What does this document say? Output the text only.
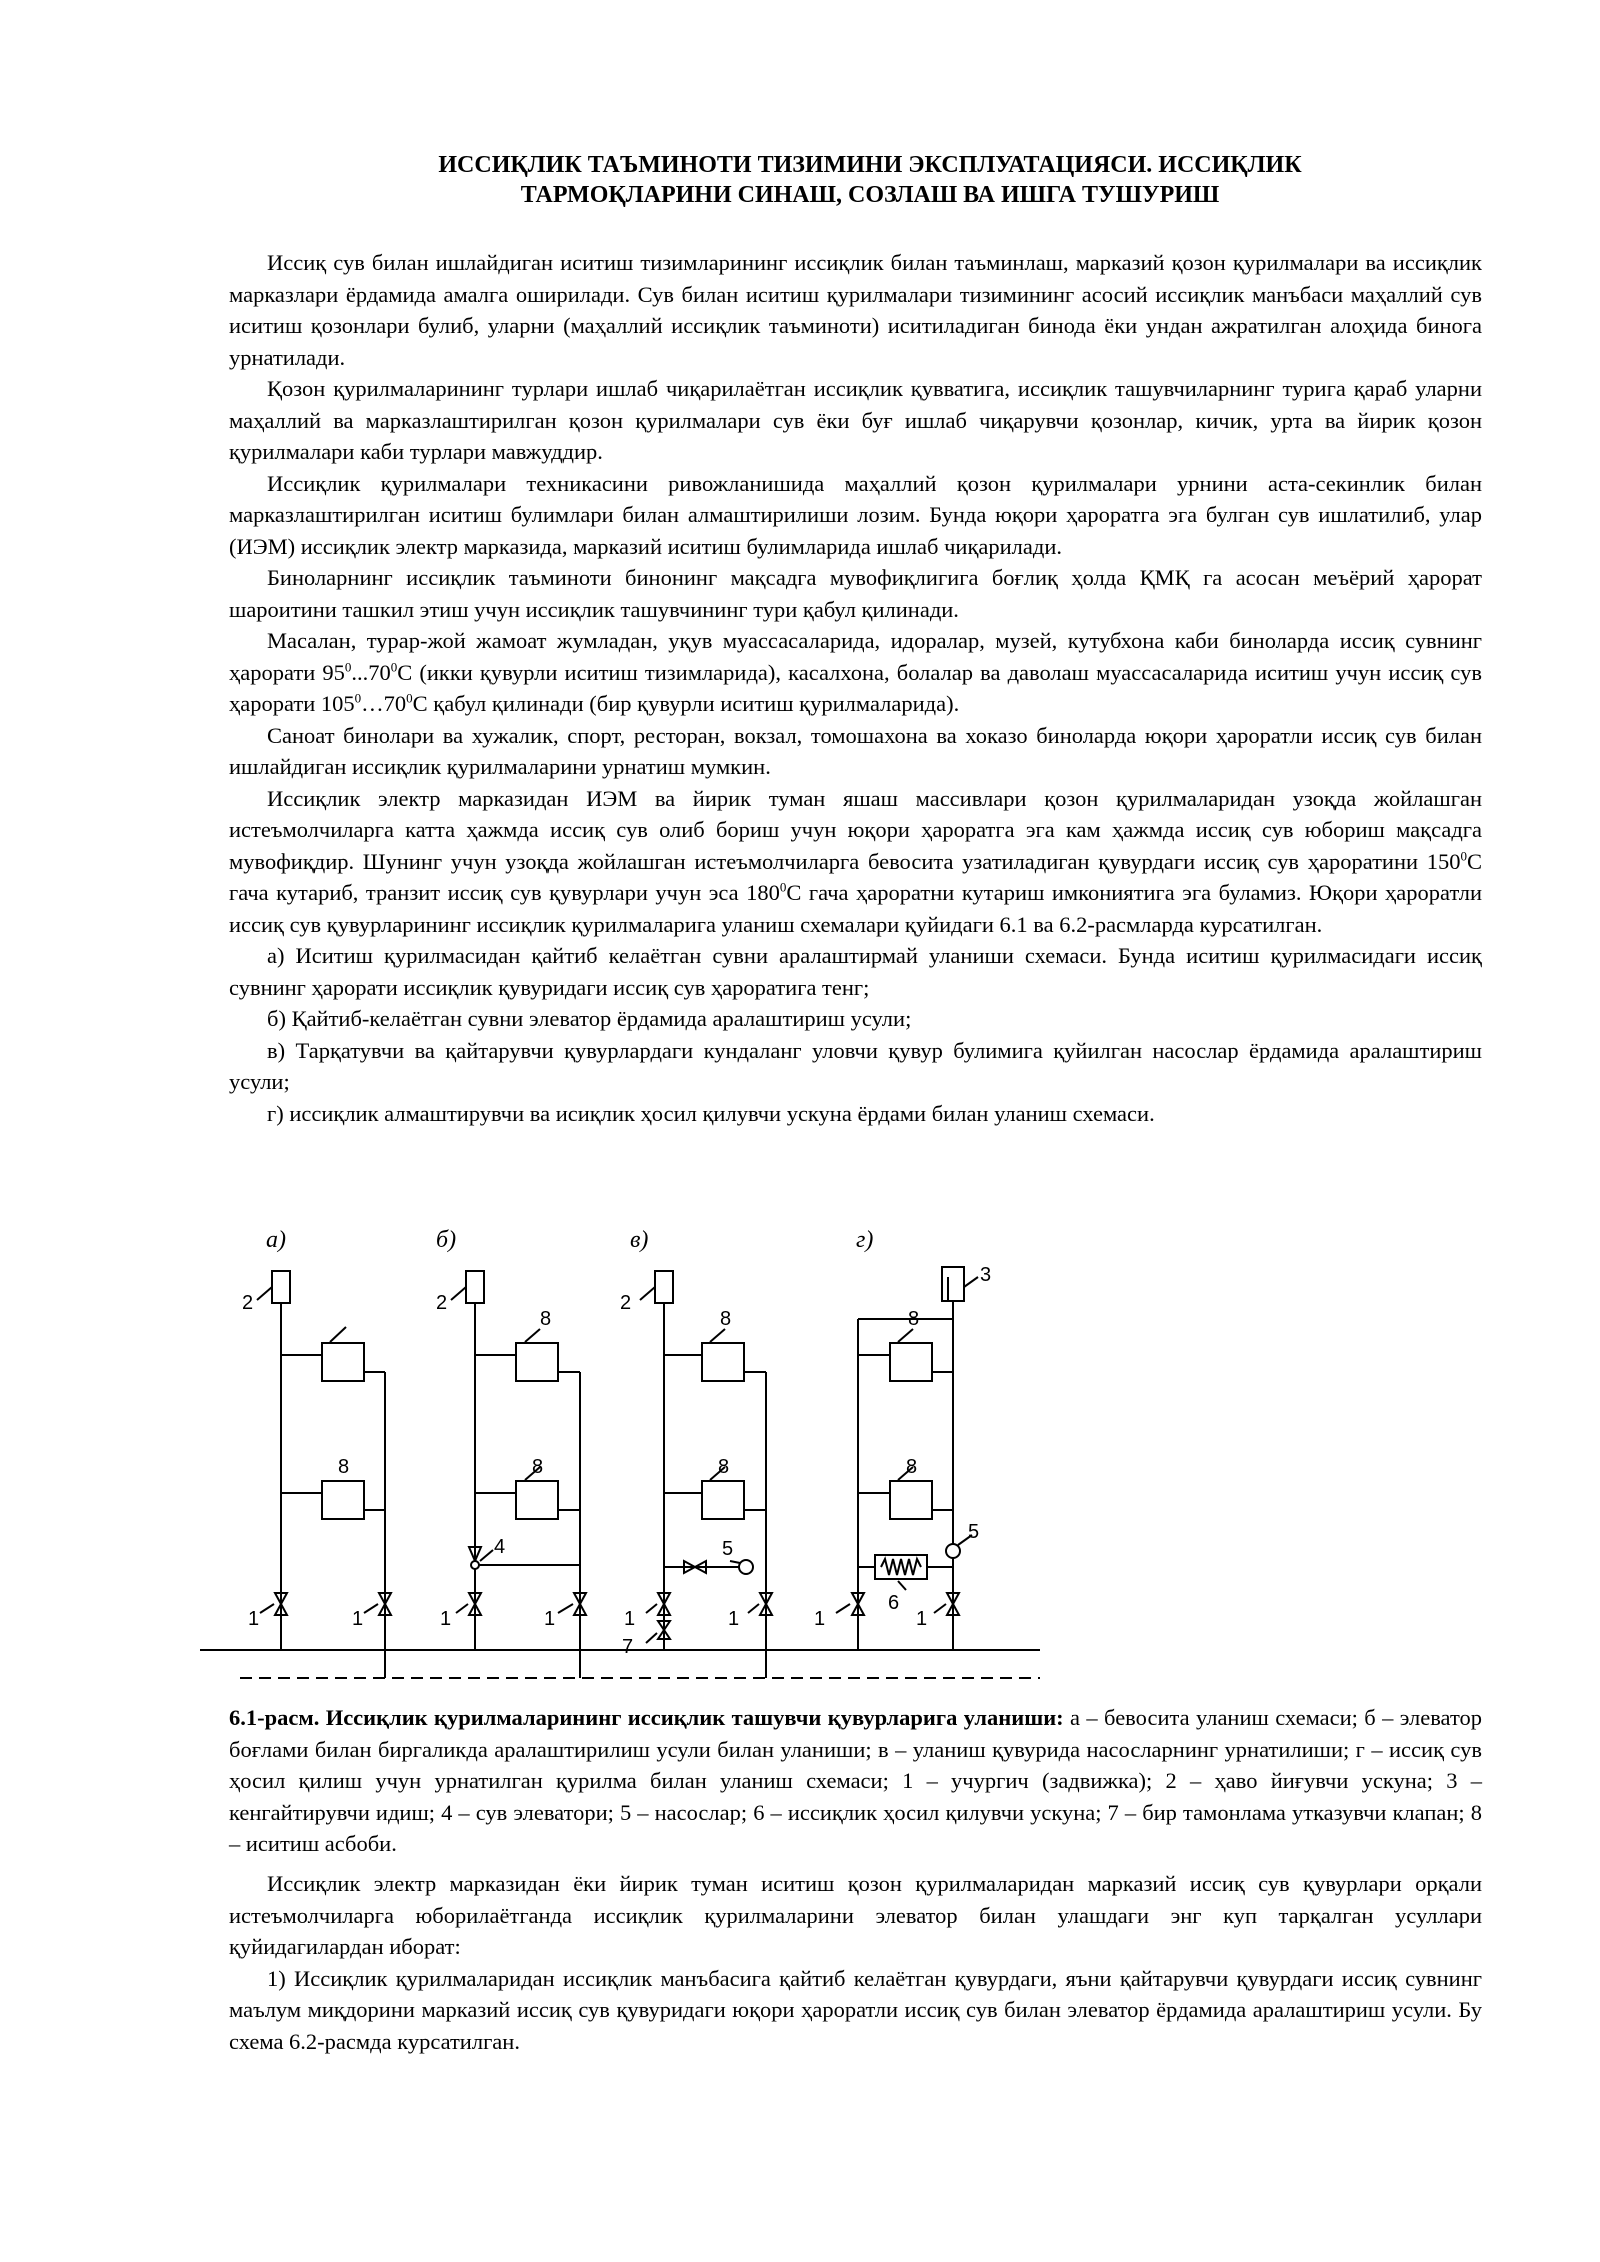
ИССИҚЛИК ТАЪМИНОТИ ТИЗИМИНИ ЭКСПЛУАТАЦИЯСИ. ИССИҚЛИК
ТАРМОҚЛАРИНИ СИНАШ, СОЗЛАШ ВА ИШГА ТУШУРИШ

Иссиқ сув билан ишлайдиган иситиш тизимларининг иссиқлик билан таъминлаш, марказий қозон қурилмалари ва иссиқлик марказлари ёрдамида амалга оширилади. Сув билан иситиш қурилмалари тизимининг асосий иссиқлик манъбаси маҳаллий сув иситиш қозонлари булиб, уларни (маҳаллий иссиқлик таъминоти) иситиладиган бинода ёки ундан ажратилган алоҳида бинога урнатилади.

Қозон қурилмаларининг турлари ишлаб чиқарилаётган иссиқлик қувватига, иссиқлик ташувчиларнинг турига қараб уларни маҳаллий ва марказлаштирилган қозон қурилмалари сув ёки буғ ишлаб чиқарувчи қозонлар, кичик, урта ва йирик қозон қурилмалари каби турлари мавжуддир.

Иссиқлик қурилмалари техникасини ривожланишида маҳаллий қозон қурилмалари урнини аста-секинлик билан марказлаштирилган иситиш булимлари билан алмаштирилиши лозим. Бунда юқори ҳароратга эга булган сув ишлатилиб, улар (ИЭМ) иссиқлик электр марказида, марказий иситиш булимларида ишлаб чиқарилади.

Биноларнинг иссиқлик таъминоти бинонинг мақсадга мувофиқлигига боғлиқ ҳолда ҚМҚ га асосан меъёрий ҳарорат шароитини ташкил этиш учун иссиқлик ташувчининг тури қабул қилинади.

Масалан, турар-жой жамоат жумладан, уқув муассасаларида, идоралар, музей, кутубхона каби биноларда иссиқ сувнинг ҳарорати $95^0...70^0С$ (икки қувурли иситиш тизимларида), касалхона, болалар ва даволаш муассасаларида иситиш учун иссиқ сув ҳарорати $105^0\dots 70^0С$ қабул қилинади (бир қувурли иситиш қурилмаларида).

Саноат бинолари ва хужалик, спорт, ресторан, вокзал, томошахона ва хоказо биноларда юқори ҳароратли иссиқ сув билан ишлайдиган иссиқлик қурилмаларини урнатиш мумкин.

Иссиқлик электр марказидан ИЭМ ва йирик туман яшаш массивлари қозон қурилмаларидан узоқда жойлашган истеъмолчиларга катта ҳажмда иссиқ сув олиб бориш учун юқори ҳароратга эга кам ҳажмда иссиқ сув юбориш мақсадга мувофиқдир. Шунинг учун узоқда жойлашган истеъмолчиларга бевосита узатиладиган қувурдаги иссиқ сув ҳароратини $150^0С$ гача кутариб, транзит иссиқ сув қувурлари учун эса $180^0С$ гача ҳароратни кутариш имкониятига эга буламиз. Юқори ҳароратли иссиқ сув қувурларининг иссиқлик қурилмаларига уланиш схемалари қуйидаги 6.1 ва 6.2-расмларда курсатилган.

а) Иситиш қурилмасидан қайтиб келаётган сувни аралаштирмай уланиши схемаси. Бунда иситиш қурилмасидаги иссиқ сувнинг ҳарорати иссиқлик қувуридаги иссиқ сув ҳароратига тенг;

б) Қайтиб-келаётган сувни элеватор ёрдамида аралаштириш усули;

в) Тарқатувчи ва қайтарувчи қувурлардаги кундаланг уловчи қувур булимига қуйилган насослар ёрдамида аралаштириш усули;

г) иссиқлик алмаштирувчи ва исиқлик ҳосил қилувчи ускуна ёрдами билан уланиш схемаси.

а)	б)	в)	г)
2
8
1	1
2
8
8
4
1	1
2
8
8
5
1
7
1
3
8
8
5
6
1	1
6.1-расм. Иссиқлик қурилмаларининг иссиқлик ташувчи қувурларига уланиши: а – бевосита уланиш схемаси; б – элеватор боғлами билан биргаликда аралаштирилиш усули билан уланиши; в – уланиш қувурида насосларнинг урнатилиши; г – иссиқ сув ҳосил қилиш учун урнатилган қурилма билан уланиш схемаси; 1 – учургич (задвижка); 2 – ҳаво йиғувчи ускуна; 3 – кенгайтирувчи идиш; 4 – сув элеватори; 5 – насослар; 6 – иссиқлик ҳосил қилувчи ускуна; 7 – бир тамонлама утказувчи клапан; 8 – иситиш асбоби.

Иссиқлик электр марказидан ёки йирик туман иситиш қозон қурилмаларидан марказий иссиқ сув қувурлари орқали истеъмолчиларга юборилаётганда иссиқлик қурилмаларини элеватор билан улашдаги энг куп тарқалган усуллари қуйидагилардан иборат:

1) Иссиқлик қурилмаларидан иссиқлик манъбасига қайтиб келаётган қувурдаги, яъни қайтарувчи қувурдаги иссиқ сувнинг маълум миқдорини марказий иссиқ сув қувуридаги юқори ҳароратли иссиқ сув билан элеватор ёрдамида аралаштириш усули. Бу схема 6.2-расмда курсатилган.
